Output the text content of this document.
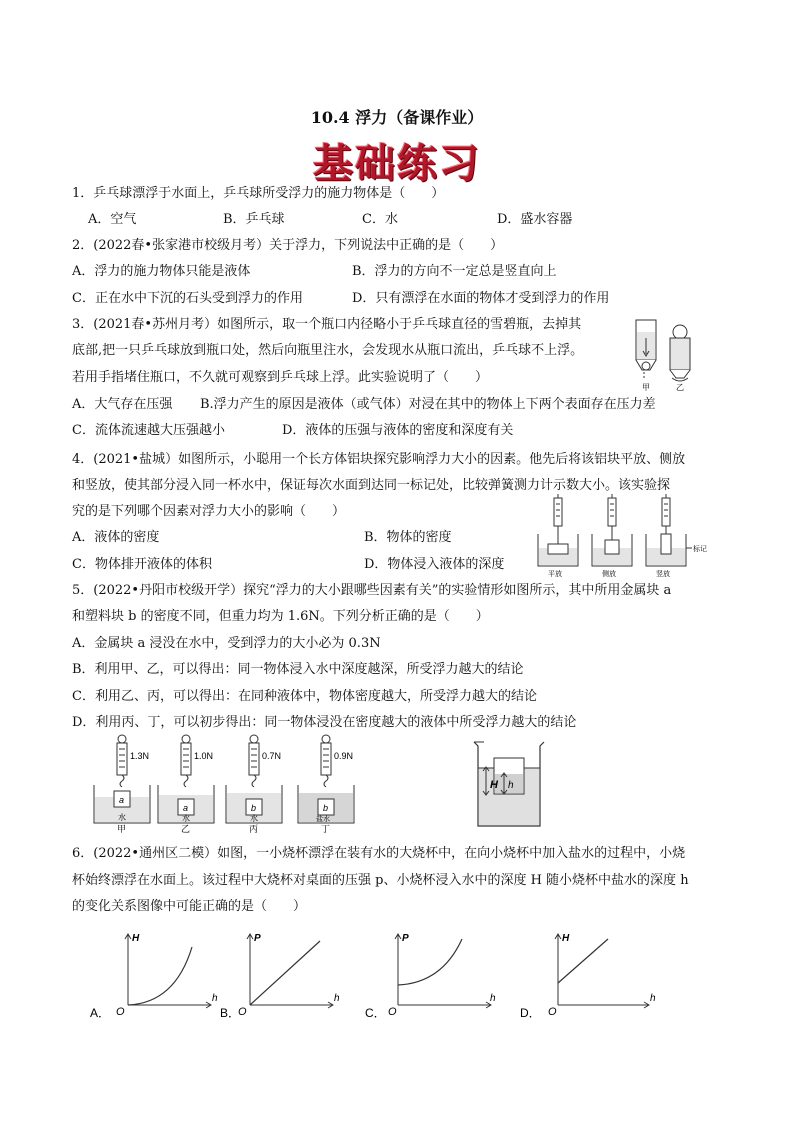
10.4 浮力（备课作业）
基础练习
1．乒乓球漂浮于水面上，乒乓球所受浮力的施力物体是（　　）
A．空气	B．乒乓球	C．水	D．盛水容器
2．(2022春•张家港市校级月考）关于浮力，下列说法中正确的是（　　）
A．浮力的施力物体只能是液体	B．浮力的方向不一定总是竖直向上
C．正在水中下沉的石头受到浮力的作用	D．只有漂浮在水面的物体才受到浮力的作用
3．(2021春•苏州月考）如图所示，取一个瓶口内径略小于乒乓球直径的雪碧瓶，去掉其
底部,把一只乒乓球放到瓶口处，然后向瓶里注水，会发现水从瓶口流出，乒乓球不上浮。
若用手指堵住瓶口，不久就可观察到乒乓球上浮。此实验说明了（　　）
A．大气存在压强 B.浮力产生的原因是液体（或气体）对浸在其中的物体上下两个表面存在压力差
C．流体流速越大压强越小	D．液体的压强与液体的密度和深度有关
甲	乙
4．(2021•盐城）如图所示，小聪用一个长方体铝块探究影响浮力大小的因素。他先后将该铝块平放、侧放
和竖放，使其部分浸入同一杯水中，保证每次水面到达同一标记处，比较弹簧测力计示数大小。该实验探
究的是下列哪个因素对浮力大小的影响（　　）
A．液体的密度	B．物体的密度
C．物体排开液体的体积	D．物体浸入液体的深度
平放	侧放	竖放
标记
5．(2022•丹阳市校级开学）探究“浮力的大小跟哪些因素有关”的实验情形如图所示，其中所用金属块 a
和塑料块 b 的密度不同，但重力均为 1.6N。下列分析正确的是（　　）
A．金属块 a 浸没在水中，受到浮力的大小必为 0.3N
B．利用甲、乙，可以得出：同一物体浸入水中深度越深，所受浮力越大的结论
C．利用乙、丙，可以得出：在同种液体中，物体密度越大，所受浮力越大的结论
D．利用丙、丁，可以初步得出：同一物体浸没在密度越大的液体中所受浮力越大的结论
1.3N
a
水
甲
1.0N
a
水
乙
0.7N
b
水
丙
0.9N
b
盐水
丁
H h
6．(2022•通州区二模）如图，一小烧杯漂浮在装有水的大烧杯中，在向小烧杯中加入盐水的过程中，小烧
杯始终漂浮在水面上。该过程中大烧杯对桌面的压强 p、小烧杯浸入水中的深度 H 随小烧杯中盐水的深度 h
的变化关系图像中可能正确的是（　　）
A． O
H
h
B．
O
P
h
C．
P
h
O	D．
H
h
O
